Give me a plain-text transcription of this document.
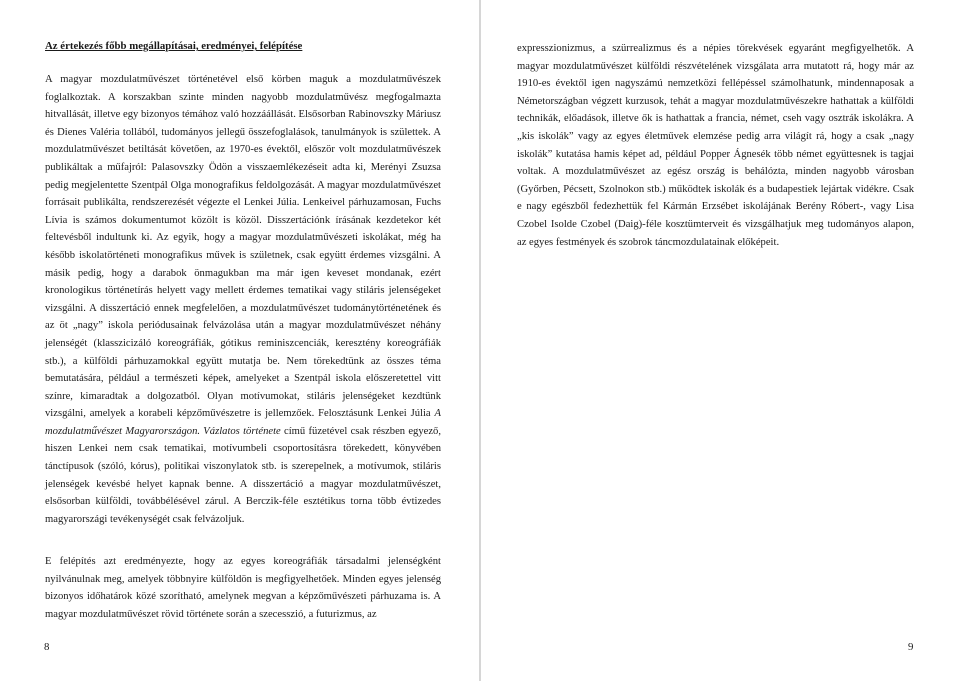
Az értekezés főbb megállapításai, eredményei, felépítése

A magyar mozdulatművészet történetével első körben maguk a mozdulatművészek foglalkoztak. A korszakban szinte minden nagyobb mozdulatművész megfogalmazta hitvallását, illetve egy bizonyos témához való hozzáállását. Elsősorban Rabinovszky Máriusz és Dienes Valéria tollából, tudományos jellegű összefoglalások, tanulmányok is születtek. A mozdulatművészet betiltását követően, az 1970-es évektől, először volt mozdulatművészek publikáltak a műfajról: Palasovszky Ödön a visszaemlékezéseit adta ki, Merényi Zsuzsa pedig megjelentette Szentpál Olga monografikus feldolgozását. A magyar mozdulatművészet forrásait publikálta, rendszerezését végezte el Lenkei Júlia. Lenkeivel párhuzamosan, Fuchs Lívia is számos dokumentumot közölt is közöl. Disszertációnk írásának kezdetekor két feltevésből indultunk ki. Az egyik, hogy a magyar mozdulatművészeti iskolákat, még ha később iskolatörténeti monografikus művek is születnek, csak együtt érdemes vizsgálni. A másik pedig, hogy a darabok önmagukban ma már igen keveset mondanak, ezért kronologikus történetírás helyett vagy mellett érdemes tematikai vagy stiláris jelenségeket vizsgálni. A disszertáció ennek megfelelően, a mozdulatművészet tudománytörténetének és az öt „nagy” iskola periódusainak felvázolása után a magyar mozdulatművészet néhány jelenségét (klasszicizáló koreográfiák, gótikus reminiszcenciák, keresztény koreográfiák stb.), a külföldi párhuzamokkal együtt mutatja be. Nem törekedtünk az összes téma bemutatására, például a természeti képek, amelyeket a Szentpál iskola előszeretettel vitt színre, kimaradtak a dolgozatból. Olyan motívumokat, stiláris jelenségeket kezdtünk vizsgálni, amelyek a korabeli képzőművészetre is jellemzőek. Felosztásunk Lenkei Júlia A mozdulatművészet Magyarországon. Vázlatos története című füzetével csak részben egyező, hiszen Lenkei nem csak tematikai, motívumbeli csoportosításra törekedett, könyvében tánctípusok (szóló, kórus), politikai viszonylatok stb. is szerepelnek, a motívumok, stiláris jelenségek kevésbé helyet kapnak benne. A disszertáció a magyar mozdulatművészet, elsősorban külföldi, továbbélésével zárul. A Berczik-féle esztétikus torna több évtizedes magyarországi tevékenységét csak felvázoljuk.

E felépítés azt eredményezte, hogy az egyes koreográfiák társadalmi jelenségként nyilvánulnak meg, amelyek többnyire külföldön is megfigyelhetőek. Minden egyes jelenség bizonyos időhatárok közé szorítható, amelynek megvan a képzőművészeti párhuzama is. A magyar mozdulatművészet rövid története során a szecesszió, a futurizmus, az

8

expresszionizmus, a szürrealizmus és a népies törekvések egyaránt megfigyelhetők. A magyar mozdulatművészet külföldi részvételének vizsgálata arra mutatott rá, hogy már az 1910-es évektől igen nagyszámú nemzetközi fellépéssel számolhatunk, mindennaposak a Németországban végzett kurzusok, tehát a magyar mozdulatművészekre hathattak a külföldi technikák, előadások, illetve ők is hathattak a francia, német, cseh vagy osztrák iskolákra. A „kis iskolák” vagy az egyes életművek elemzése pedig arra világít rá, hogy a csak „nagy iskolák” kutatása hamis képet ad, például Popper Ágnesék több német együttesnek is tagjai voltak. A mozdulatművészet az egész ország is behálózta, minden nagyobb városban (Győrben, Pécsett, Szolnokon stb.) működtek iskolák és a budapestiek lejártak vidékre. Csak e nagy egészből fedezhettük fel Kármán Erzsébet iskolájának Berény Róbert-, vagy Lisa Czobel Isolde Czobel (Daig)-féle kosztümterveit és vizsgálhatjuk meg tudományos alapon, az egyes festmények és szobrok táncmozdulatainak előképeit.

9
